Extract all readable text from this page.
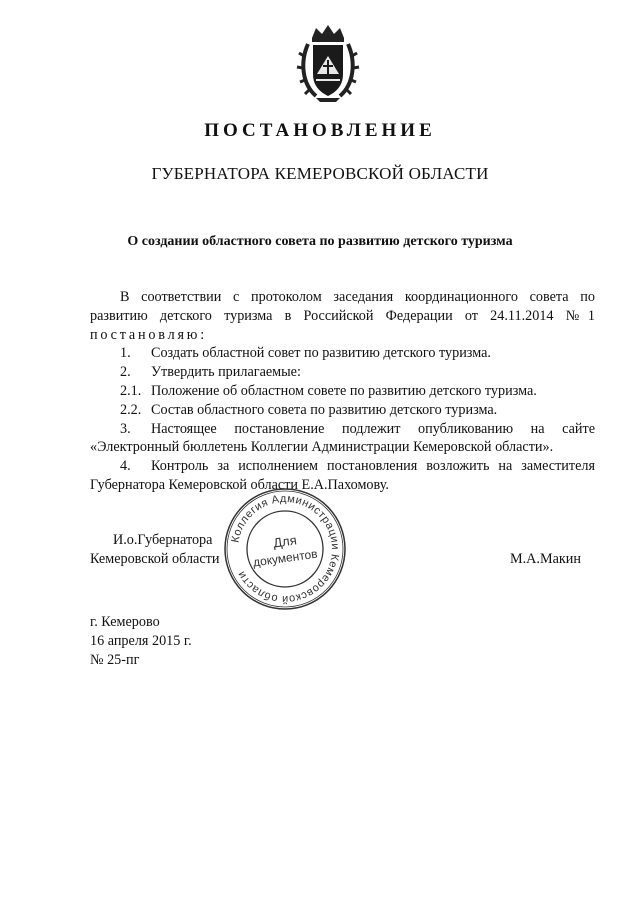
ПОСТАНОВЛЕНИЕ
ГУБЕРНАТОРА КЕМЕРОВСКОЙ ОБЛАСТИ
О создании областного совета по развитию детского туризма

В соответствии с протоколом заседания координационного совета по

развитию детского туризма в Российской Федерации от 24.11.2014 №1

постановляю:

1.	Создать областной совет по развитию детского туризма.

2.	Утвердить прилагаемые:

2.1. Положение об областном совете по развитию детского туризма.

2.2. Состав областного совета по развитию детского туризма.

3.	Настоящее постановление подлежит опубликованию на сайте

«Электронный бюллетень Коллегии Администрации Кемеровской области».

4.	Контроль за исполнением постановления возложить на заместителя

Губернатора Кемеровской области Е.А.Пахомову.

И.о.Губернатора
Кемеровской области	М.А.Макин
Коллегия Администрации Кемеровской области
Для
документов
г. Кемерово
16 апреля 2015 г.
№ 25-пг
